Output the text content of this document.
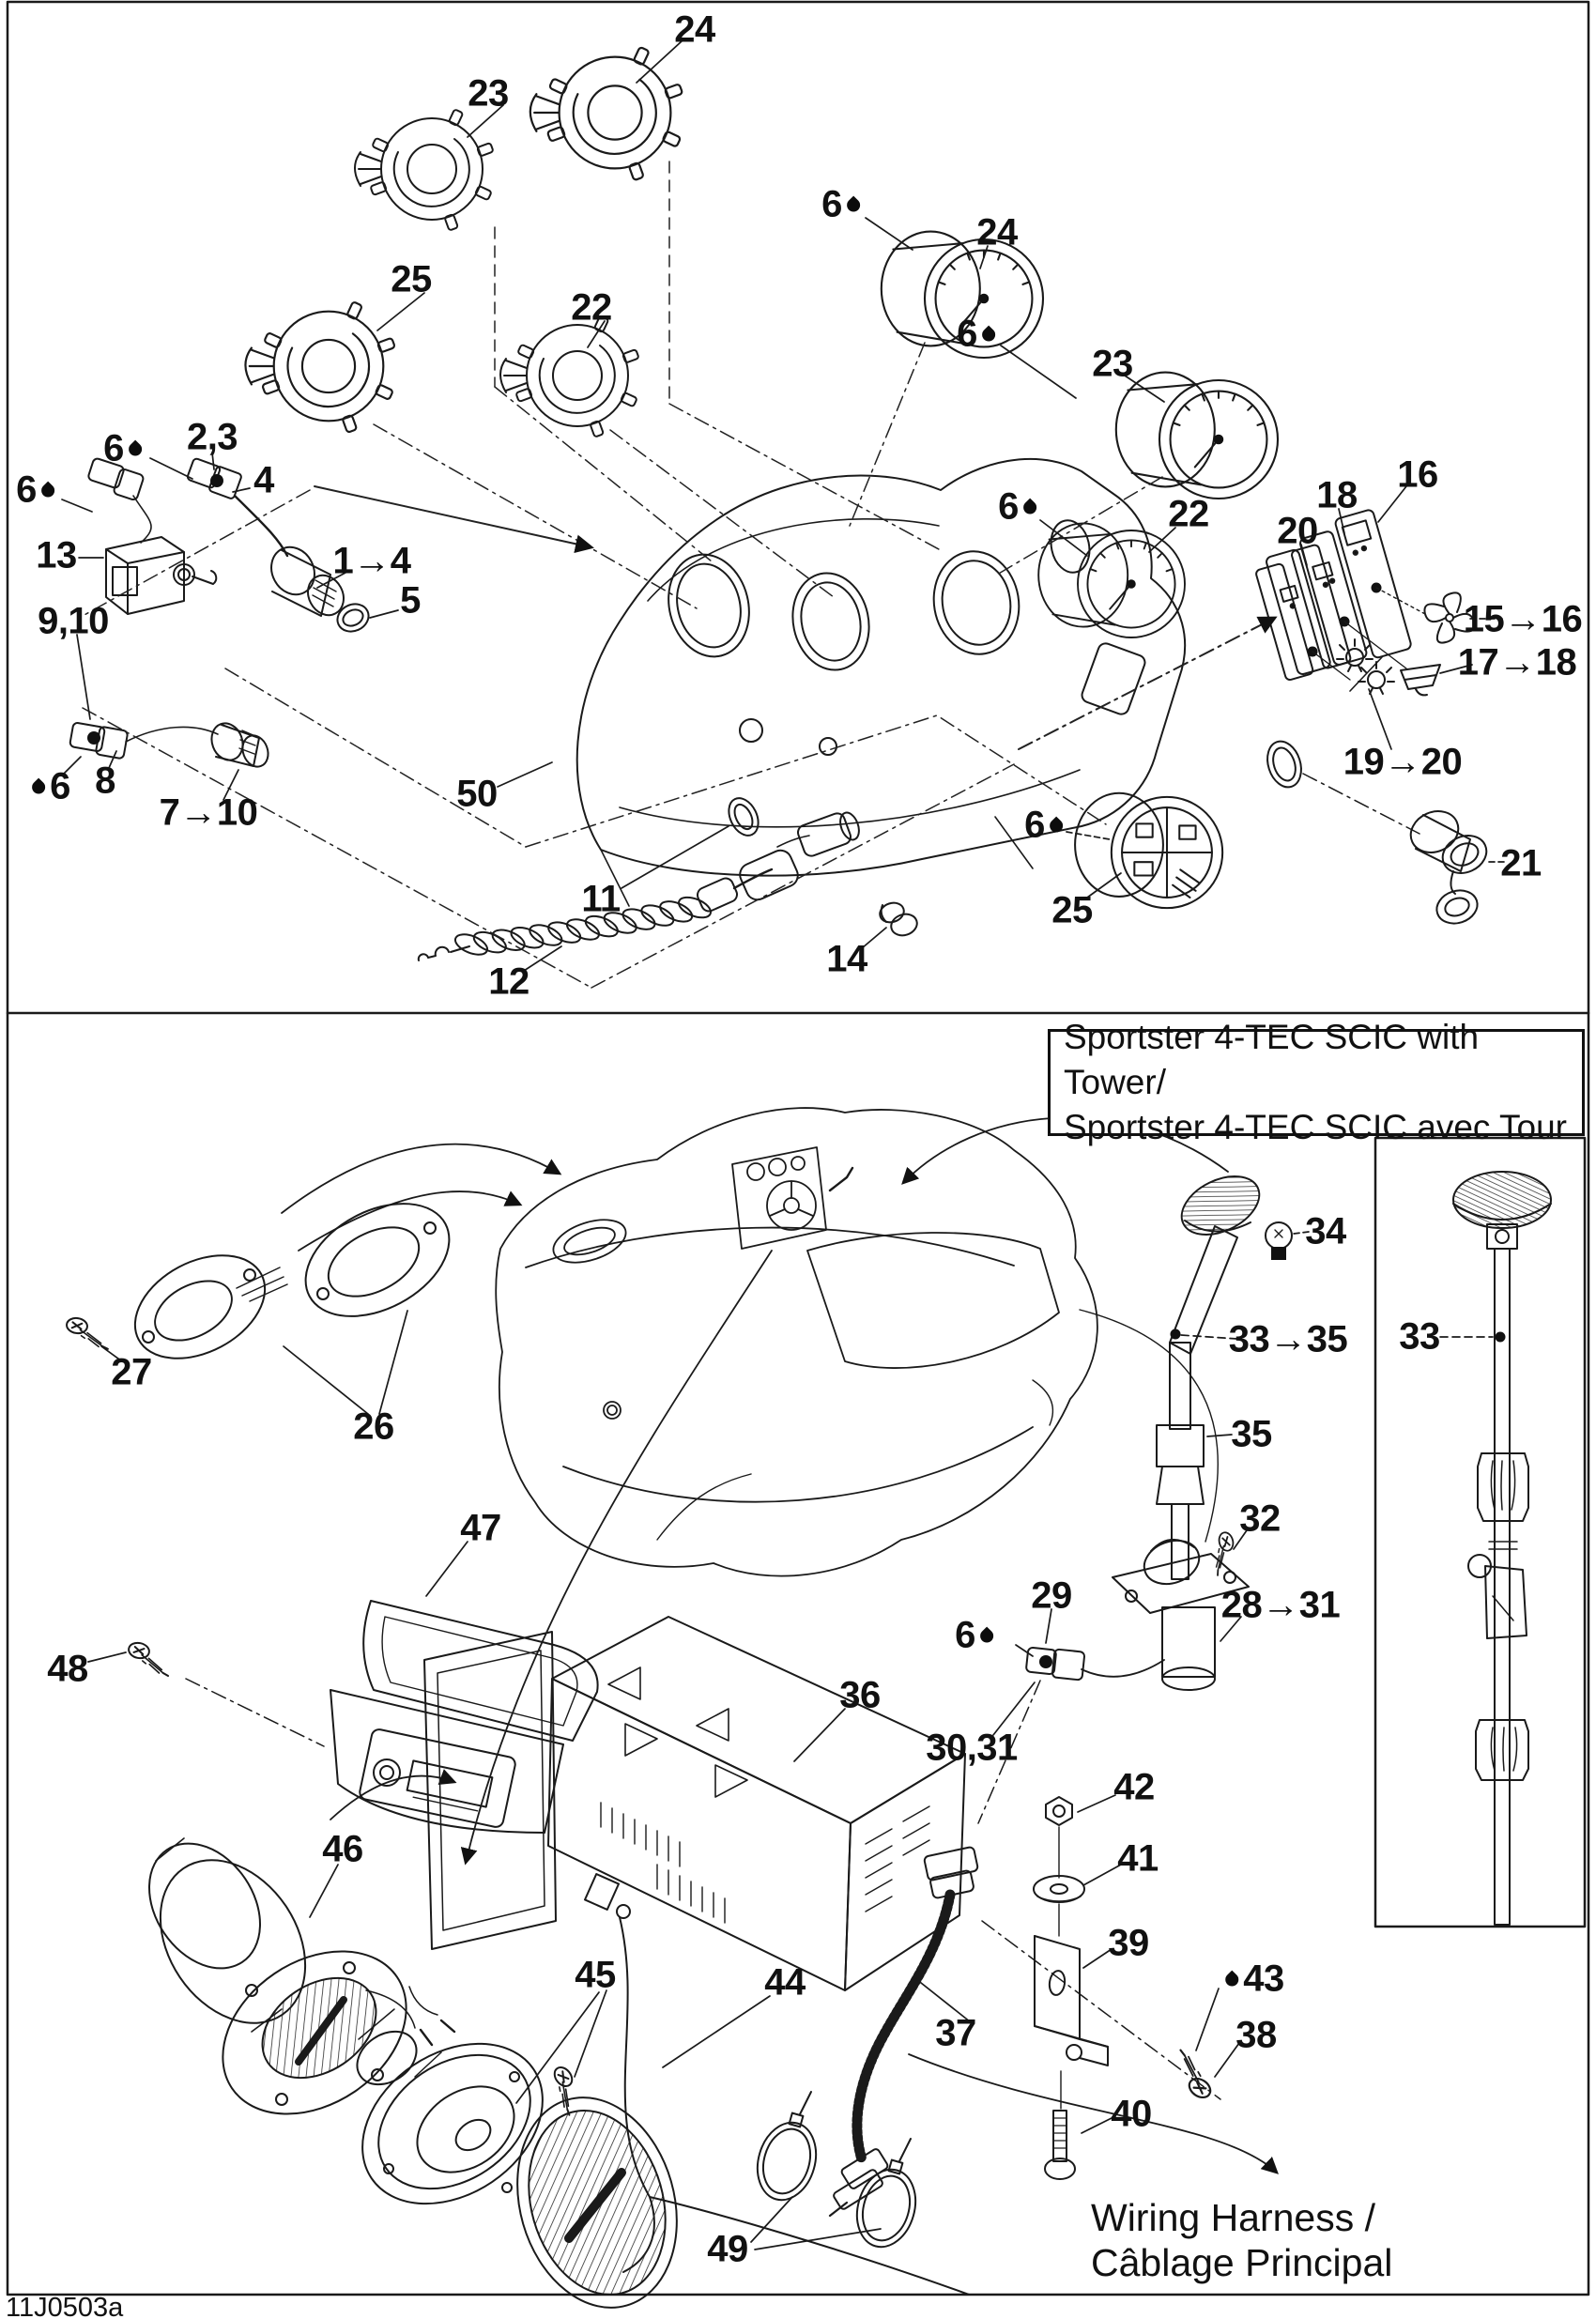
Sportster 4-TEC SCIC with Tower/
Sportster 4-TEC SCIC avec Tour
Wiring Harness /
Câblage Principal
11J0503a
24
23
25
22
6 2,3
4
6
1→4
5
13
9,10
6 8
7→10	50
11
14
12
6
24
6
23
6	22
16
18
20
15→16
17→18
19→20
21
6
25
27
26
47
48
36
34
33→35 33
35
32
29	28→31
6
30,31
42
41
39
43
38
40
37
46
45	44
49
